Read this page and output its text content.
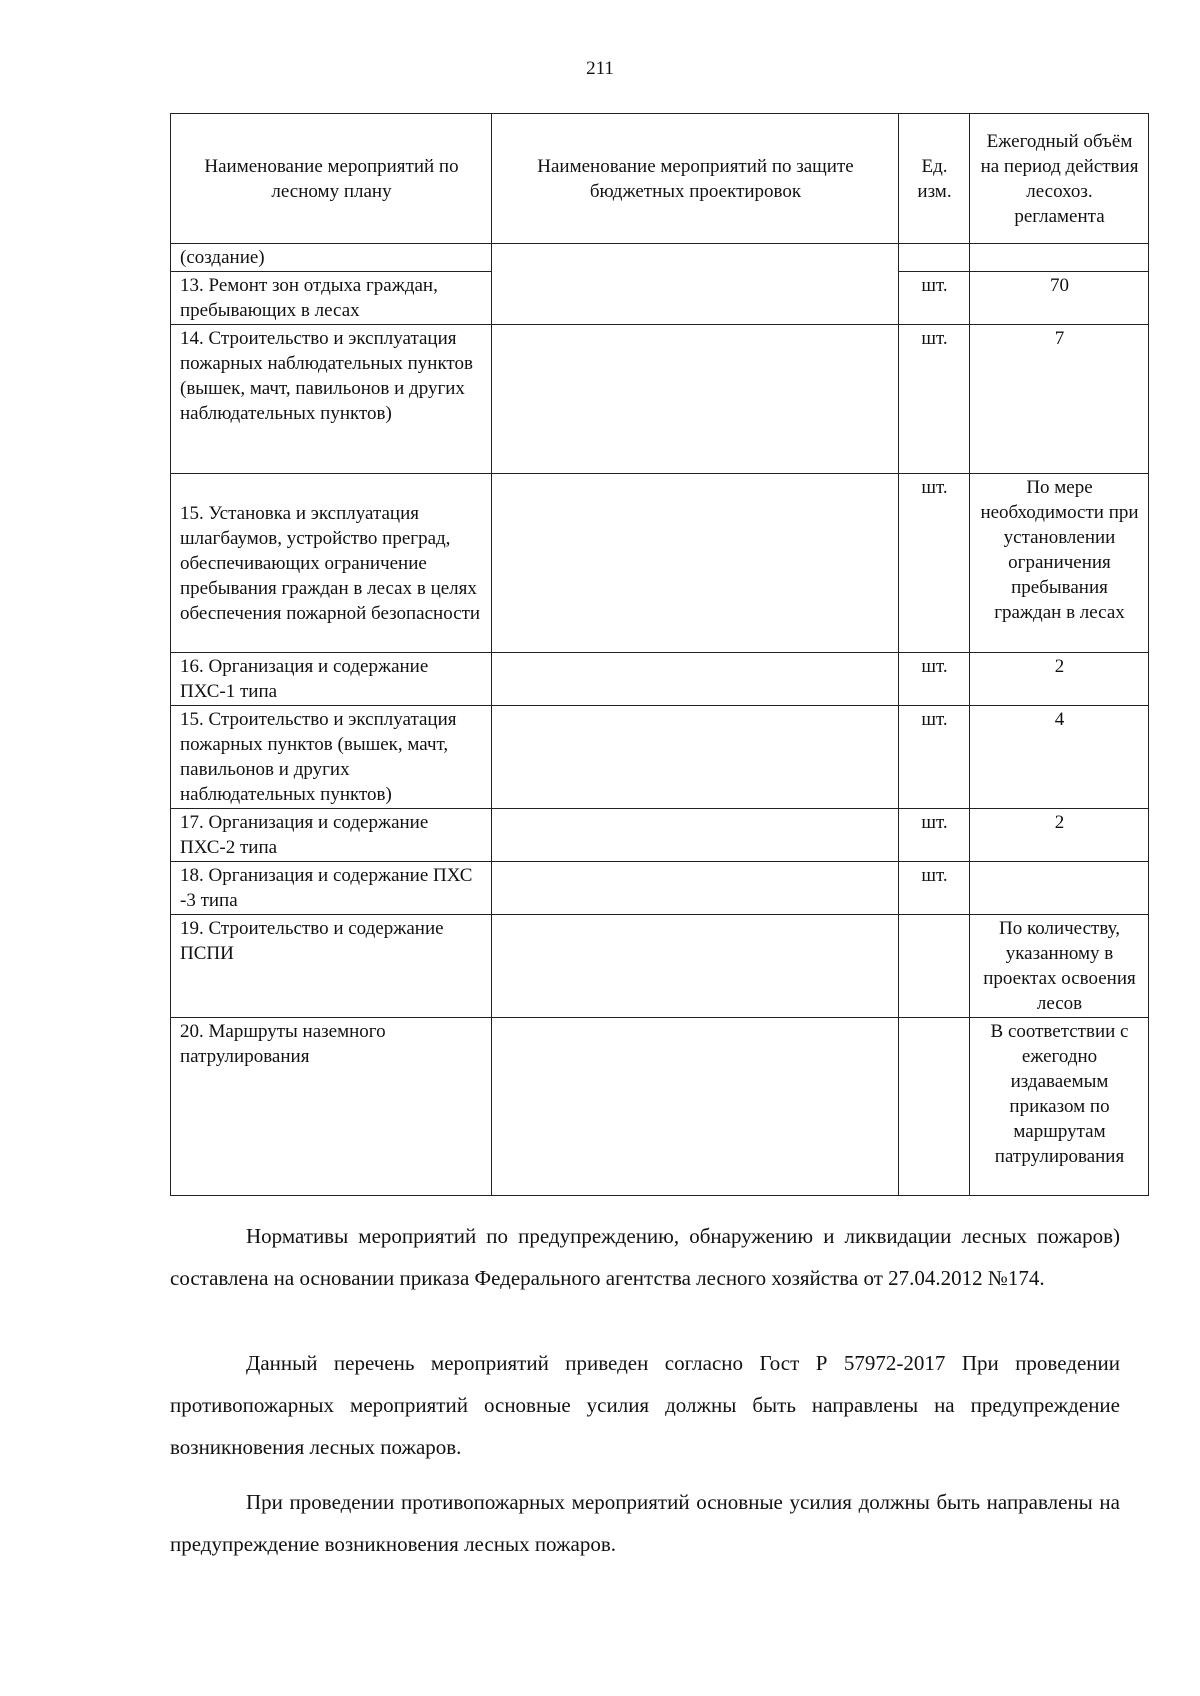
211
Наименование мероприятий по лесному плану	Наименование мероприятий по защите бюджетных проектировок	Ед. изм.	Ежегодный объём на период действия лесохоз. регламента
(создание)			
13. Ремонт зон отдыха граждан, пребывающих в лесах		шт.	70
14. Строительство и эксплуатация пожарных наблюдательных пунктов (вышек, мачт, павильонов и других наблюдательных пунктов)		шт.	7
15. Установка и эксплуатация шлагбаумов, устройство преград, обеспечивающих ограничение пребывания граждан в лесах в целях обеспечения пожарной безопасности		шт.	По мере необходимости при установлении ограничения пребывания граждан в лесах
16. Организация и содержание ПХС-1 типа		шт.	2
15. Строительство и эксплуатация пожарных пунктов (вышек, мачт, павильонов и других наблюдательных пунктов)		шт.	4
17. Организация и содержание ПХС-2 типа		шт.	2
18. Организация и содержание ПХС -3 типа		шт.	
19. Строительство и содержание ПСПИ			По количеству, указанному в проектах освоения лесов
20. Маршруты наземного патрулирования			В соответствии с ежегодно издаваемым приказом по маршрутам патрулирования

Нормативы мероприятий по предупреждению, обнаружению и ликвидации лесных пожаров) составлена на основании приказа Федерального агентства лесного хозяйства от 27.04.2012 №174.

Данный перечень мероприятий приведен согласно Гост Р 57972-2017 При проведении противопожарных мероприятий основные усилия должны быть направлены на предупреждение возникновения лесных пожаров.

При проведении противопожарных мероприятий основные усилия должны быть направлены на предупреждение возникновения лесных пожаров.
